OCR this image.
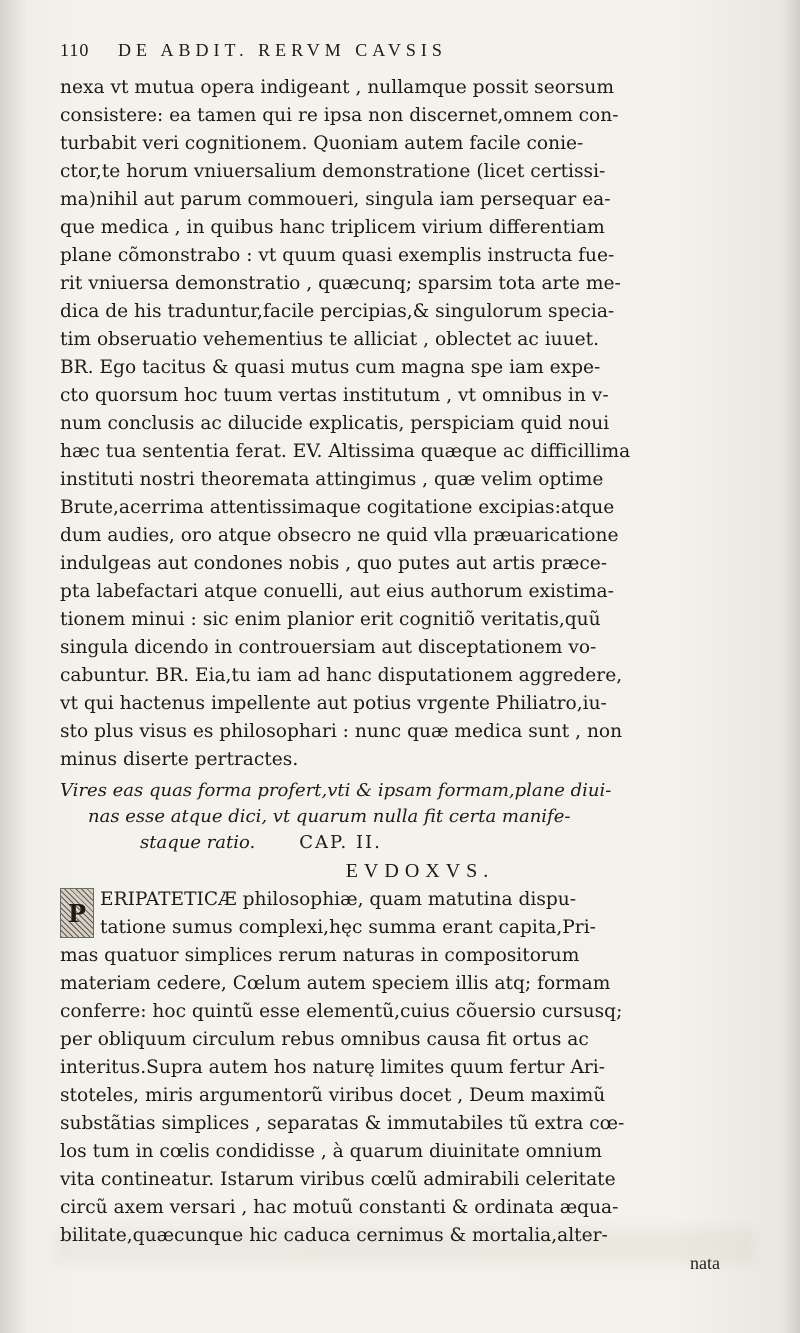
110	DE ABDIT. RERVM CAVSIS
nexa vt mutua opera indigeant , nullamque possit seorsum
consistere: ea tamen qui re ipsa non discernet,omnem con-
turbabit veri cognitionem. Quoniam autem facile conie-
ctor,te horum vniuersalium demonstratione (licet certissi-
ma)nihil aut parum commoueri, singula iam persequar ea-
que medica , in quibus hanc triplicem virium differentiam
plane cõmonstrabo : vt quum quasi exemplis instructa fue-
rit vniuersa demonstratio , quæcunq; sparsim tota arte me-
dica de his traduntur,facile percipias,& singulorum specia-
tim obseruatio vehementius te alliciat , oblectet ac iuuet.
BR. Ego tacitus & quasi mutus cum magna spe iam expe-
cto quorsum hoc tuum vertas institutum , vt omnibus in v-
num conclusis ac dilucide explicatis, perspiciam quid noui
hæc tua sententia ferat. EV. Altissima quæque ac difficillima
instituti nostri theoremata attingimus , quæ velim optime
Brute,acerrima attentissimaque cogitatione excipias:atque
dum audies, oro atque obsecro ne quid vlla præuaricatione
indulgeas aut condones nobis , quo putes aut artis præce-
pta labefactari atque conuelli, aut eius authorum existima-
tionem minui : sic enim planior erit cognitiõ veritatis,quũ
singula dicendo in controuersiam aut disceptationem vo-
cabuntur. BR. Eia,tu iam ad hanc disputationem aggredere,
vt qui hactenus impellente aut potius vrgente Philiatro,iu-
sto plus visus es philosophari : nunc quæ medica sunt , non
minus diserte pertractes.
Vires eas quas forma profert,vti & ipsam formam,plane diui-
nas esse atque dici, vt quarum nulla fit certa manife-
staque ratio. CAP. II.
EVDOXVS.
P ERIPATETICÆ philosophiæ, quam matutina dispu-
tatione sumus complexi,hęc summa erant capita,Pri-
mas quatuor simplices rerum naturas in compositorum
materiam cedere, Cœlum autem speciem illis atq; formam
conferre: hoc quintũ esse elementũ,cuius cõuersio cursusq;
per obliquum circulum rebus omnibus causa fit ortus ac
interitus.Supra autem hos naturę limites quum fertur Ari-
stoteles, miris argumentorũ viribus docet , Deum maximũ
substãtias simplices , separatas & immutabiles tũ extra cœ-
los tum in cœlis condidisse , à quarum diuinitate omnium
vita contineatur. Istarum viribus cœlũ admirabili celeritate
circũ axem versari , hac motuũ constanti & ordinata æqua-
bilitate,quæcunque hic caduca cernimus & mortalia,alter-
nata
